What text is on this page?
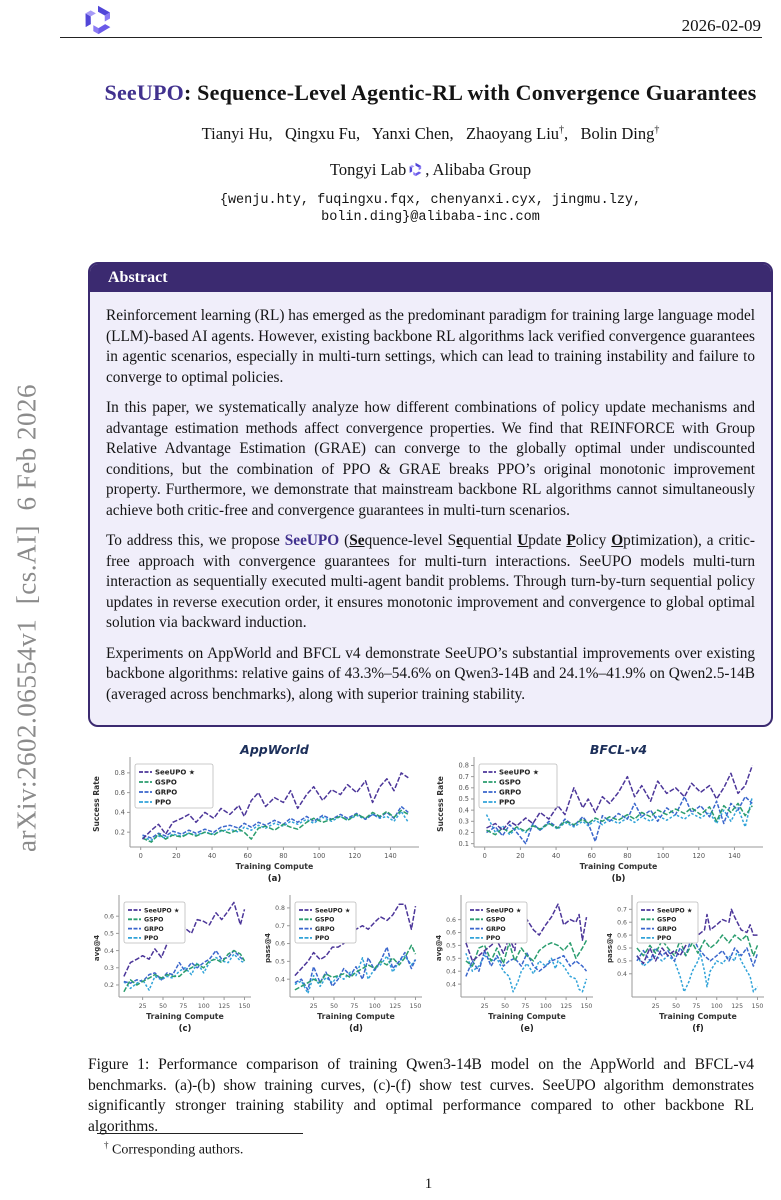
arXiv:2602.06554v1  [cs.AI]  6 Feb 2026
2026-02-09
SeeUPO: Sequence-Level Agentic-RL with Convergence Guarantees
Tianyi Hu,  Qingxu Fu,  Yanxi Chen,  Zhaoyang Liu†,  Bolin Ding†
Tongyi Lab , Alibaba Group
{wenju.hty, fuqingxu.fqx, chenyanxi.cyx, jingmu.lzy,
bolin.ding}@alibaba-inc.com
Abstract

Reinforcement learning (RL) has emerged as the predominant paradigm for training large language model (LLM)-based AI agents. However, existing backbone RL algorithms lack verified convergence guarantees in agentic scenarios, especially in multi-turn settings, which can lead to training instability and failure to converge to optimal policies.

In this paper, we systematically analyze how different combinations of policy update mechanisms and advantage estimation methods affect convergence properties. We find that REINFORCE with Group Relative Advantage Estimation (GRAE) can converge to the globally optimal under undiscounted conditions, but the combination of PPO & GRAE breaks PPO’s original monotonic improvement property. Furthermore, we demonstrate that mainstream backbone RL algorithms cannot simultaneously achieve both critic-free and convergence guarantees in multi-turn scenarios.

To address this, we propose SeeUPO (Sequence-level Sequential Update Policy Optimization), a critic-free approach with convergence guarantees for multi-turn interactions. SeeUPO models multi-turn interaction as sequentially executed multi-agent bandit problems. Through turn-by-turn sequential policy updates in reverse execution order, it ensures monotonic improvement and convergence to global optimal solution via backward induction.

Experiments on AppWorld and BFCL v4 demonstrate SeeUPO’s substantial improvements over existing backbone algorithms: relative gains of 43.3%–54.6% on Qwen3-14B and 24.1%–41.9% on Qwen2.5-14B (averaged across benchmarks), along with superior training stability.

0	20	40	60	80	100	120	140
0.2
0.4
0.6
0.8
Success Rate
Training Compute
(a)
AppWorld
SeeUPO ★
GSPO
GRPO
PPO
0	20	40	60	80	100	120	140
0.1
0.2
0.3
0.4
0.5
0.6
0.7
0.8
Success Rate
Training Compute
(b)
BFCL-v4
SeeUPO ★
GSPO
GRPO
PPO
25 50 75 100 125 150
0.2
0.3
0.4
0.5
0.6
avg@4
Training Compute
(c)
SeeUPO ★
GSPO
GRPO
PPO
25 50 75 100 125 150
0.4
0.5
0.6
0.7
0.8
pass@4
Training Compute
(d)
SeeUPO ★
GSPO
GRPO
PPO
25 50 75 100 125 150
0.4
0.4
0.5
0.5
0.6
0.6
avg@4
Training Compute
(e)
SeeUPO ★
GSPO
GRPO
PPO
25 50 75 100 125 150
0.4
0.5
0.5
0.6
0.6
0.7
pass@4
Training Compute
(f)
SeeUPO ★
GSPO
GRPO
PPO
Figure 1: Performance comparison of training Qwen3-14B model on the AppWorld and BFCL-v4 benchmarks. (a)-(b) show training curves, (c)-(f) show test curves. SeeUPO algorithm demonstrates significantly stronger training stability and optimal performance compared to other backbone RL algorithms.
† Corresponding authors.
1
